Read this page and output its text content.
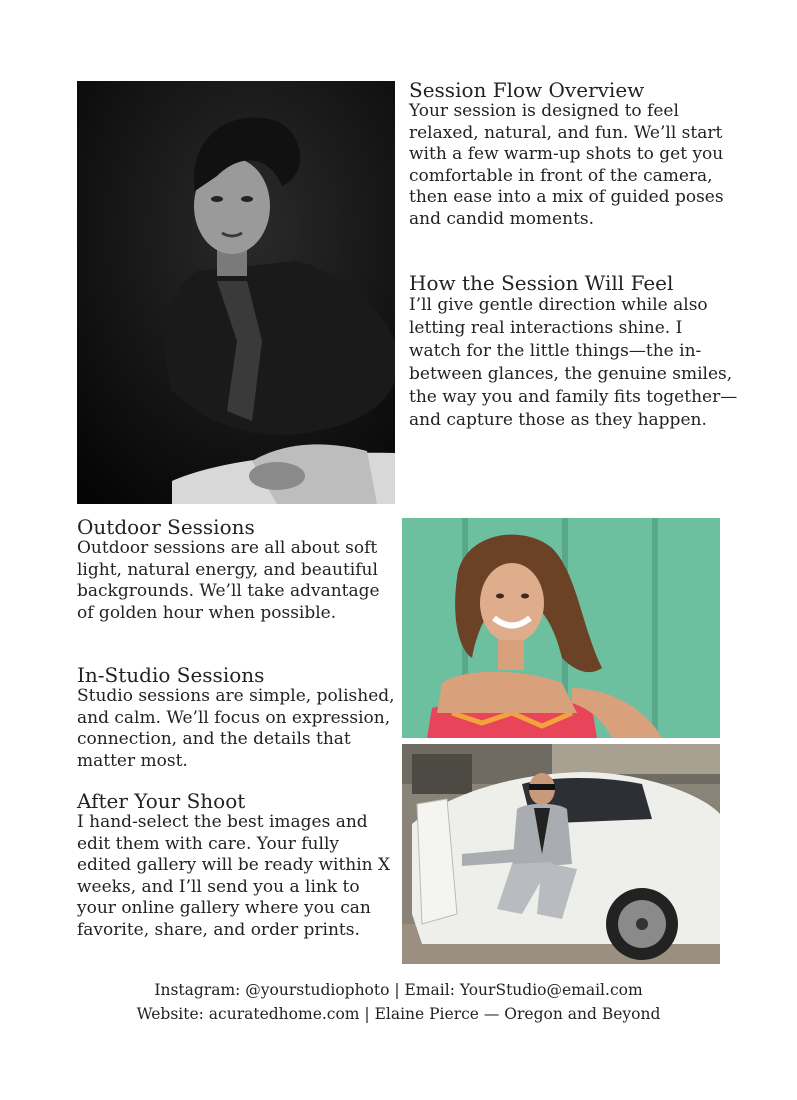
Session Flow Overview

Your session is designed to feel relaxed, natural, and fun. We’ll start with a few warm-up shots to get you comfortable in front of the camera, then ease into a mix of guided poses and candid moments.

How the Session Will Feel

I’ll give gentle direction while also letting real interactions shine. I watch for the little things—the in-between glances, the genuine smiles, the way you and family fits together—and capture those as they happen.

Outdoor Sessions

Outdoor sessions are all about soft light, natural energy, and beautiful backgrounds. We’ll take advantage of golden hour when possible.

In-Studio Sessions

Studio sessions are simple, polished, and calm. We’ll focus on expression, connection, and the details that matter most.

After Your Shoot

I hand-select the best images and edit them with care. Your fully edited gallery will be ready within X weeks, and I’ll send you a link to your online gallery where you can favorite, share, and order prints.

Instagram: @yourstudiophoto | Email: YourStudio@email.com
Website: acuratedhome.com | Elaine Pierce — Oregon and Beyond
